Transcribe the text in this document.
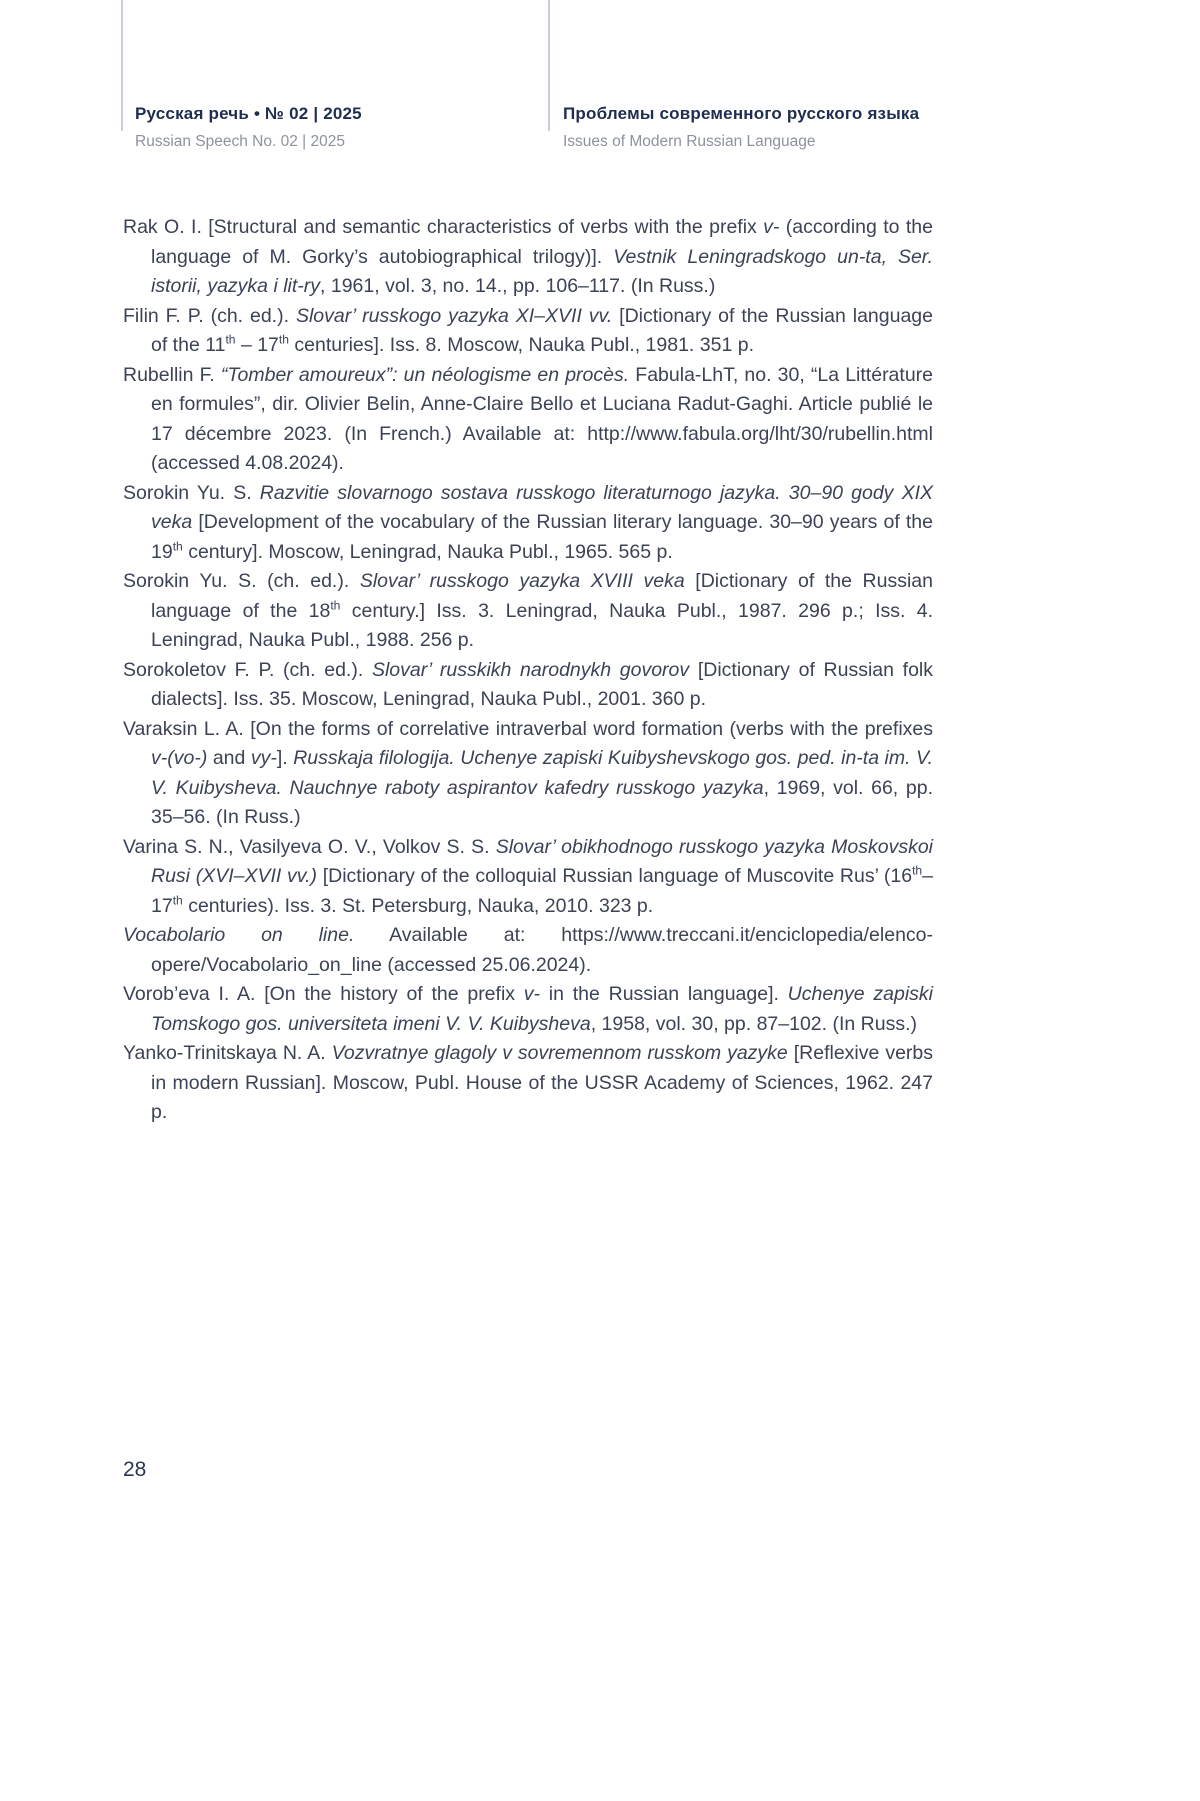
Русская речь • № 02 | 2025
Russian Speech No. 02 | 2025
Проблемы современного русского языка
Issues of Modern Russian Language

Rak O. I. [Structural and semantic characteristics of verbs with the prefix v- (according to the language of M. Gorky’s autobiographical trilogy)]. Vestnik Leningradskogo un-ta, Ser. istorii, yazyka i lit-ry, 1961, vol. 3, no. 14., pp. 106–117. (In Russ.)

Filin F. P. (ch. ed.). Slovar’ russkogo yazyka XI–XVII vv. [Dictionary of the Russian language of the 11th – 17th centuries]. Iss. 8. Moscow, Nauka Publ., 1981. 351 p.

Rubellin F. “Tomber amoureux”: un néologisme en procès. Fabula-LhT, no. 30, “La Littérature en formules”, dir. Olivier Belin, Anne-Claire Bello et Luciana Radut-Gaghi. Article publié le 17 décembre 2023. (In French.) Available at: http://www.fabula.org/lht/30/rubellin.html (accessed 4.08.2024).

Sorokin Yu. S. Razvitie slovarnogo sostava russkogo literaturnogo jazyka. 30–90 gody XIX veka [Development of the vocabulary of the Russian literary language. 30–90 years of the 19th century]. Moscow, Leningrad, Nauka Publ., 1965. 565 p.

Sorokin Yu. S. (ch. ed.). Slovar’ russkogo yazyka XVIII veka [Dictionary of the Russian language of the 18th century.] Iss. 3. Leningrad, Nauka Publ., 1987. 296 p.; Iss. 4. Leningrad, Nauka Publ., 1988. 256 p.

Sorokoletov F. P. (ch. ed.). Slovar’ russkikh narodnykh govorov [Dictionary of Russian folk dialects]. Iss. 35. Moscow, Leningrad, Nauka Publ., 2001. 360 p.

Varaksin L. A. [On the forms of correlative intraverbal word formation (verbs with the prefixes v-(vo-) and vy-]. Russkaja filologija. Uchenye zapiski Kuibyshevskogo gos. ped. in-ta im. V. V. Kuibysheva. Nauchnye raboty aspirantov kafedry russkogo yazyka, 1969, vol. 66, pp. 35–56. (In Russ.)

Varina S. N., Vasilyeva O. V., Volkov S. S. Slovar’ obikhodnogo russkogo yazyka Moskovskoi Rusi (XVI–XVII vv.) [Dictionary of the colloquial Russian language of Muscovite Rus’ (16th–17th centuries). Iss. 3. St. Petersburg, Nauka, 2010. 323 p.

Vocabolario on line. Available at: https://www.treccani.it/enciclopedia/elenco-opere/Vocabolario_on_line (accessed 25.06.2024).

Vorob’eva I. A. [On the history of the prefix v- in the Russian language]. Uchenye zapiski Tomskogo gos. universiteta imeni V. V. Kuibysheva, 1958, vol. 30, pp. 87–102. (In Russ.)

Yanko-Trinitskaya N. A. Vozvratnye glagoly v sovremennom russkom yazyke [Reflexive verbs in modern Russian]. Moscow, Publ. House of the USSR Academy of Sciences, 1962. 247 p.

28
